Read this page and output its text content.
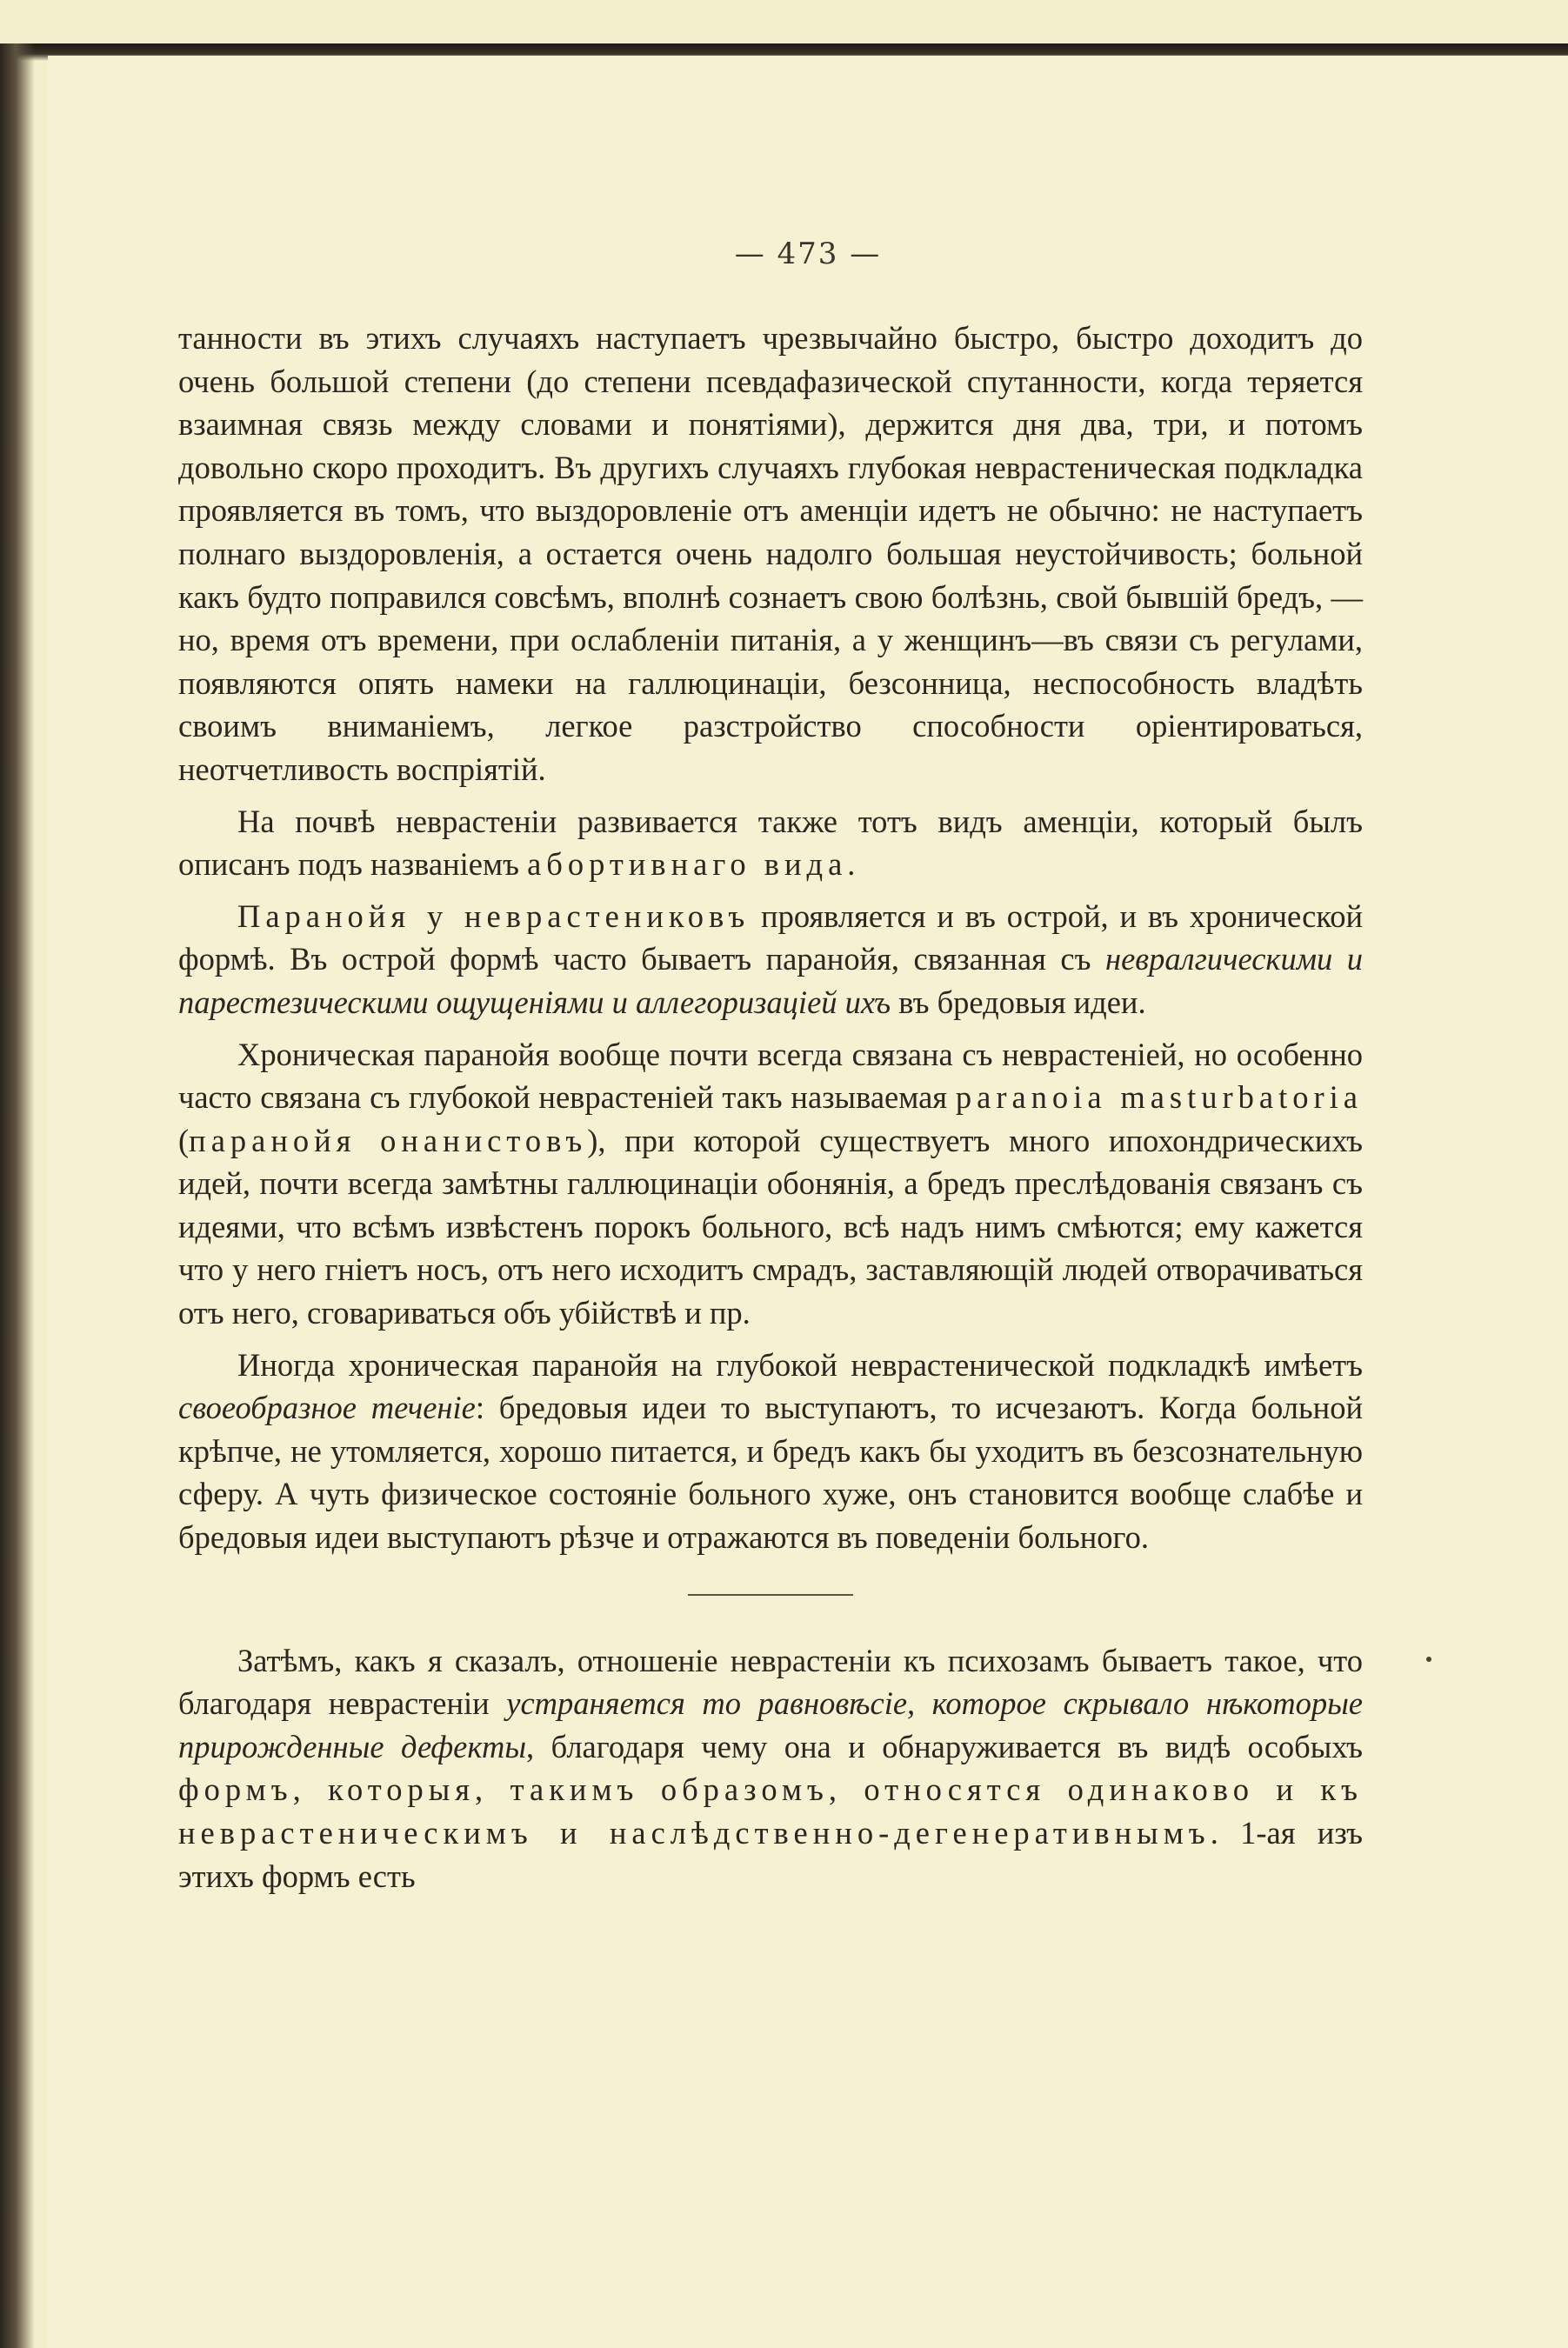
— 473 —

танности въ этихъ случаяхъ наступаетъ чрезвычайно быстро, быстро доходитъ до очень большой степени (до степени псевдафазической спутанности, когда теряется взаимная связь между словами и понятіями), держится дня два, три, и потомъ довольно скоро проходитъ. Въ другихъ случаяхъ глубокая неврастеническая подкладка проявляется въ томъ, что выздоровленіе отъ аменціи идетъ не обычно: не наступаетъ полнаго выздоровленія, а остается очень надолго большая неустойчивость; больной какъ будто поправился совсѣмъ, вполнѣ сознаетъ свою болѣзнь, свой бывшій бредъ, — но, время отъ времени, при ослабленіи питанія, а у женщинъ—въ связи съ регулами, появляются опять намеки на галлюцинаціи, безсонница, неспособность владѣть своимъ вниманіемъ, легкое разстройство способности оріентироваться, неотчетливость воспріятій.

На почвѣ неврастеніи развивается также тотъ видъ аменціи, который былъ описанъ подъ названіемъ абортивнаго вида.

Паранойя у неврастениковъ проявляется и въ острой, и въ хронической формѣ. Въ острой формѣ часто бываетъ паранойя, связанная съ невралгическими и парестезическими ощущеніями и аллегоризаціей ихъ въ бредовыя идеи.

Хроническая паранойя вообще почти всегда связана съ неврастеніей, но особенно часто связана съ глубокой неврастеніей такъ называемая paranoia masturbatoria (паранойя онанистовъ), при которой существуетъ много ипохондрическихъ идей, почти всегда замѣтны галлюцинаціи обонянія, а бредъ преслѣдованія связанъ съ идеями, что всѣмъ извѣстенъ порокъ больного, всѣ надъ нимъ смѣются; ему кажется что у него гніетъ носъ, отъ него исходитъ смрадъ, заставляющій людей отворачиваться отъ него, сговариваться объ убійствѣ и пр.

Иногда хроническая паранойя на глубокой неврастенической подкладкѣ имѣетъ своеобразное теченіе: бредовыя идеи то выступаютъ, то исчезаютъ. Когда больной крѣпче, не утомляется, хорошо питается, и бредъ какъ бы уходитъ въ безсознательную сферу. А чуть физическое состояніе больного хуже, онъ становится вообще слабѣе и бредовыя идеи выступаютъ рѣзче и отражаются въ поведеніи больного.

Затѣмъ, какъ я сказалъ, отношеніе неврастеніи къ психозамъ бываетъ такое, что благодаря неврастеніи устраняется то равновѣсіе, которое скрывало нѣкоторые прирожденные дефекты, благодаря чему она и обнаруживается въ видѣ особыхъ формъ, которыя, такимъ образомъ, относятся одинаково и къ неврастеническимъ и наслѣдственно-дегенеративнымъ. 1-ая изъ этихъ формъ есть
